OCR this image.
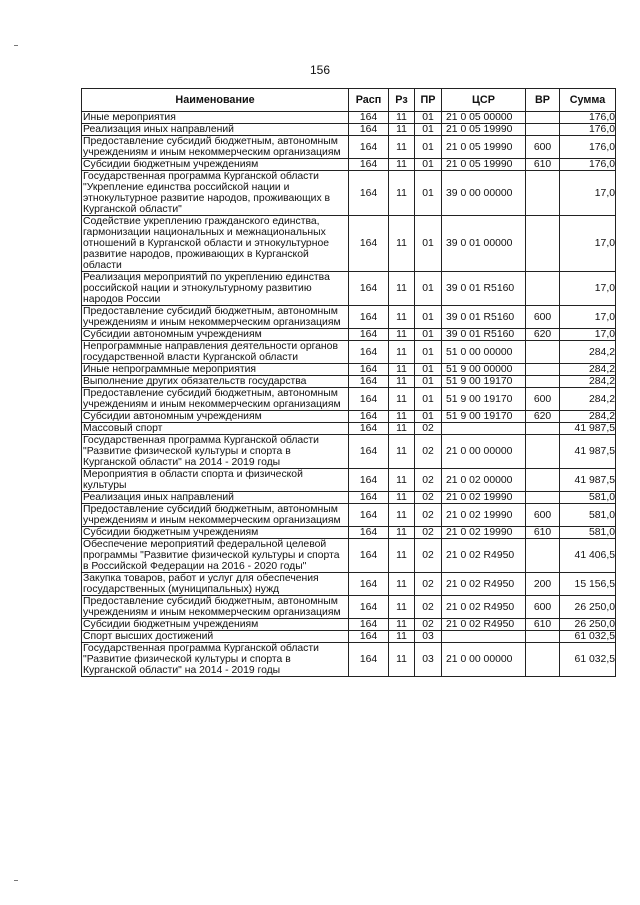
156
Наименование	Расп	Рз	ПР	ЦСР	ВР	Сумма
Иные мероприятия	164	11	01	21 0 05 00000		176,0
Реализация иных направлений	164	11	01	21 0 05 19990		176,0
Предоставление субсидий бюджетным, автономным учреждениям и иным некоммерческим организациям	164	11	01	21 0 05 19990	600	176,0
Субсидии бюджетным учреждениям	164	11	01	21 0 05 19990	610	176,0
Государственная программа Курганской области "Укрепление единства российской нации и этнокультурное развитие народов, проживающих в Курганской области"	164	11	01	39 0 00 00000		17,0
Содействие укреплению гражданского единства, гармонизации национальных и межнациональных отношений в Курганской области и этнокультурное развитие народов, проживающих в Курганской области	164	11	01	39 0 01 00000		17,0
Реализация мероприятий по укреплению единства российской нации и этнокультурному развитию народов России	164	11	01	39 0 01 R5160		17,0
Предоставление субсидий бюджетным, автономным учреждениям и иным некоммерческим организациям	164	11	01	39 0 01 R5160	600	17,0
Субсидии автономным учреждениям	164	11	01	39 0 01 R5160	620	17,0
Непрограммные направления деятельности органов государственной власти Курганской области	164	11	01	51 0 00 00000		284,2
Иные непрограммные мероприятия	164	11	01	51 9 00 00000		284,2
Выполнение других обязательств государства	164	11	01	51 9 00 19170		284,2
Предоставление субсидий бюджетным, автономным учреждениям и иным некоммерческим организациям	164	11	01	51 9 00 19170	600	284,2
Субсидии автономным учреждениям	164	11	01	51 9 00 19170	620	284,2
Массовый спорт	164	11	02			41 987,5
Государственная программа Курганской области "Развитие физической культуры и спорта в Курганской области" на 2014 - 2019 годы	164	11	02	21 0 00 00000		41 987,5
Мероприятия в области спорта и физической культуры	164	11	02	21 0 02 00000		41 987,5
Реализация иных направлений	164	11	02	21 0 02 19990		581,0
Предоставление субсидий бюджетным, автономным учреждениям и иным некоммерческим организациям	164	11	02	21 0 02 19990	600	581,0
Субсидии бюджетным учреждениям	164	11	02	21 0 02 19990	610	581,0
Обеспечение мероприятий федеральной целевой программы "Развитие физической культуры и спорта в Российской Федерации на 2016 - 2020 годы"	164	11	02	21 0 02 R4950		41 406,5
Закупка товаров, работ и услуг для обеспечения государственных (муниципальных) нужд	164	11	02	21 0 02 R4950	200	15 156,5
Предоставление субсидий бюджетным, автономным учреждениям и иным некоммерческим организациям	164	11	02	21 0 02 R4950	600	26 250,0
Субсидии бюджетным учреждениям	164	11	02	21 0 02 R4950	610	26 250,0
Спорт высших достижений	164	11	03			61 032,5
Государственная программа Курганской области "Развитие физической культуры и спорта в Курганской области" на 2014 - 2019 годы	164	11	03	21 0 00 00000		61 032,5
